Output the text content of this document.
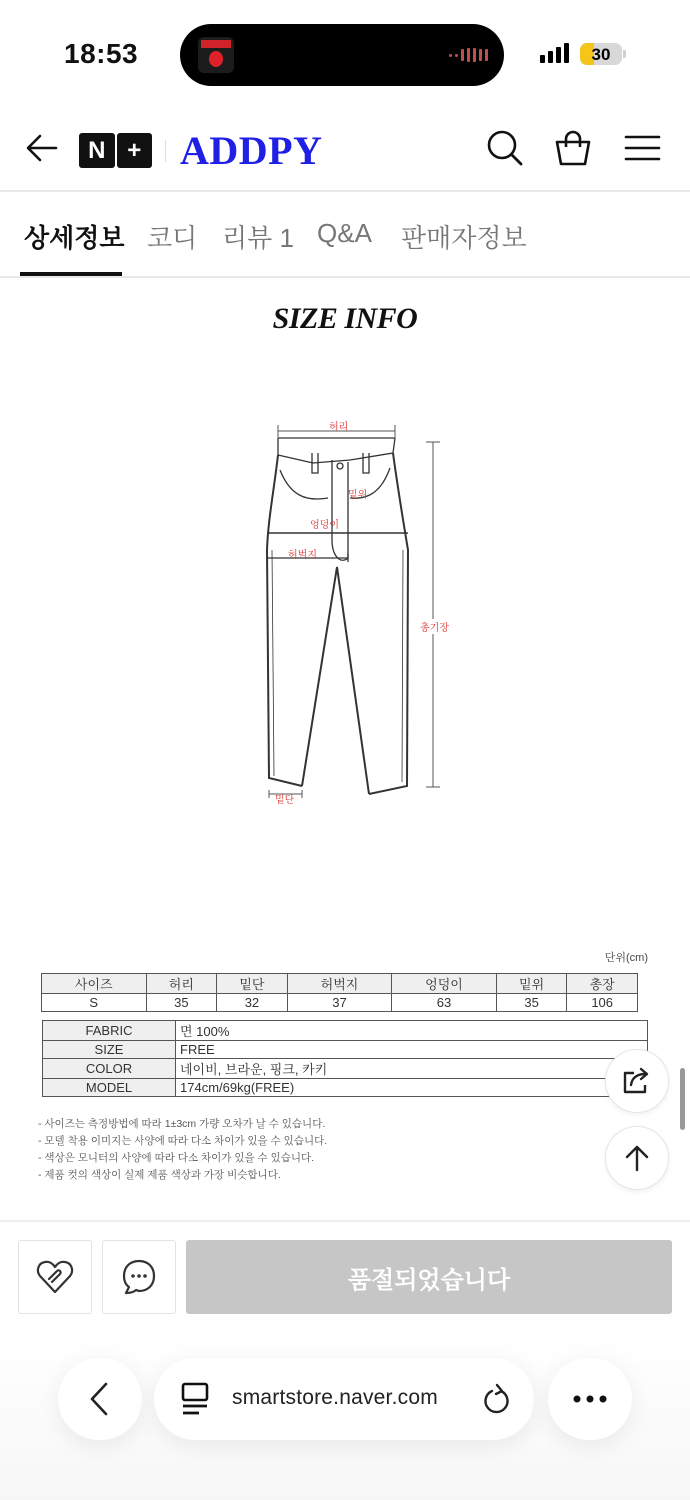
18:53	30
N + ADDPY
상세정보 코디 리뷰 1 Q&A 판매자정보
SIZE INFO
허리
밑위
엉덩이
허벅지
총기장
밑단
단위(cm)
사이즈	허리	밑단	허벅지	엉덩이	밑위	총장
S	35	32	37	63	35	106
FABRIC	면 100%
SIZE	FREE
COLOR	네이비, 브라운, 핑크, 카키
MODEL	174cm/69kg(FREE)
- 사이즈는 측정방법에 따라 1±3cm 가량 오차가 날 수 있습니다.
- 모델 착용 이미지는 사양에 따라 다소 차이가 있을 수 있습니다.
- 색상은 모니터의 사양에 따라 다소 차이가 있을 수 있습니다.
- 제품 컷의 색상이 실제 제품 색상과 가장 비슷합니다.
품절되었습니다
smartstore.naver.com
